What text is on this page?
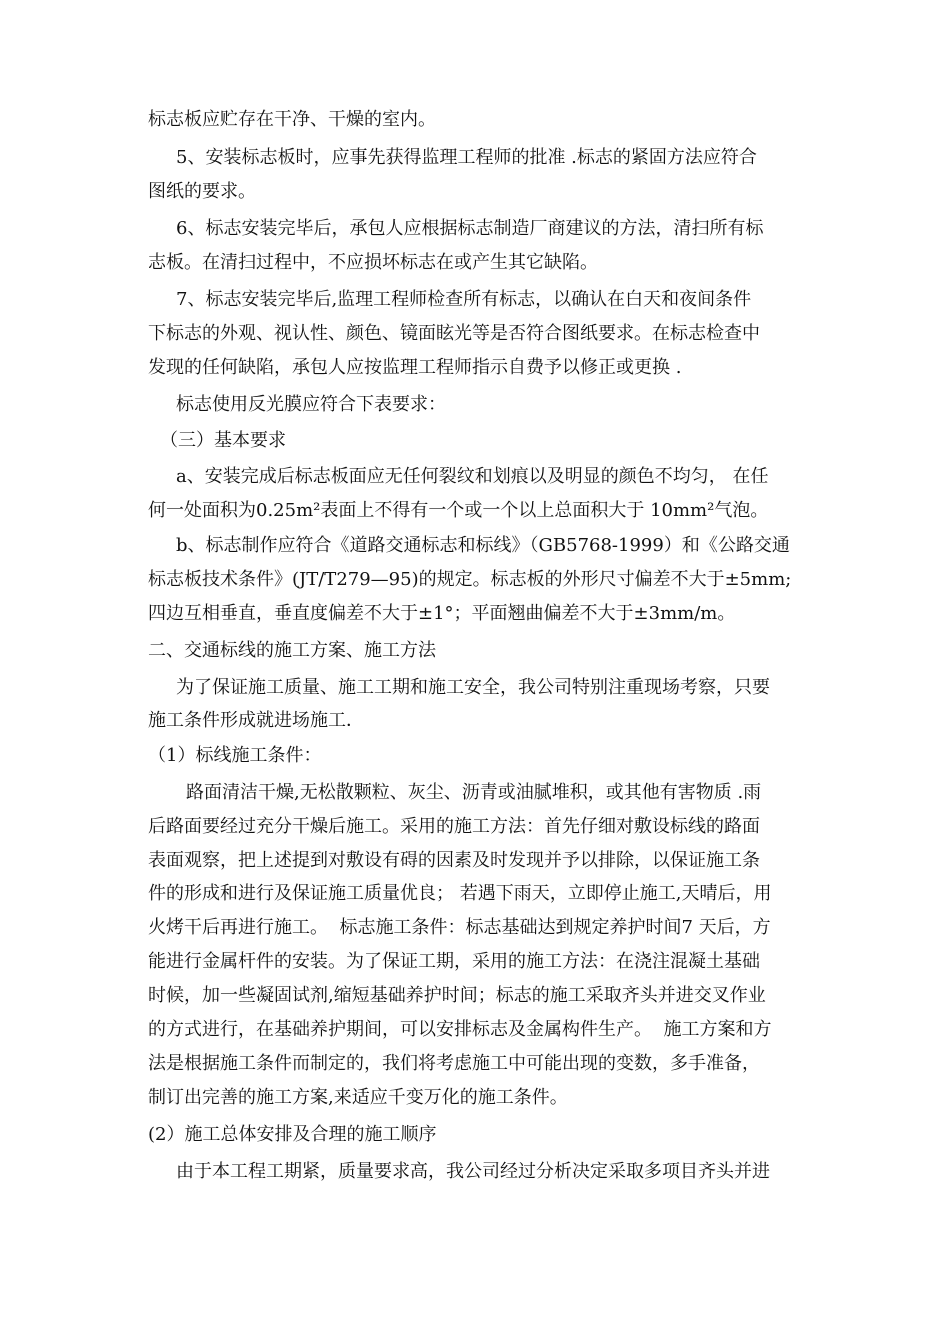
标志板应贮存在干净、干燥的室内。
5、安装标志板时，应事先获得监理工程师的批准 .标志的紧固方法应符合
图纸的要求。
6、标志安装完毕后，承包人应根据标志制造厂商建议的方法，清扫所有标
志板。在清扫过程中，不应损坏标志在或产生其它缺陷。
7、标志安装完毕后,监理工程师检查所有标志，以确认在白天和夜间条件
下标志的外观、视认性、颜色、镜面眩光等是否符合图纸要求。在标志检查中
发现的任何缺陷，承包人应按监理工程师指示自费予以修正或更换 .
标志使用反光膜应符合下表要求：
（三）基本要求
a、安装完成后标志板面应无任何裂纹和划痕以及明显的颜色不均匀， 在任
何一处面积为0.25m²表面上不得有一个或一个以上总面积大于 10mm²气泡。
b、标志制作应符合《道路交通标志和标线》（GB5768-1999）和《公路交通
标志板技术条件》(JT/T279—95)的规定。标志板的外形尺寸偏差不大于±5mm;
四边互相垂直，垂直度偏差不大于±1°；平面翘曲偏差不大于±3mm/m。
二、交通标线的施工方案、施工方法
为了保证施工质量、施工工期和施工安全，我公司特别注重现场考察，只要
施工条件形成就进场施工．
（1）标线施工条件：
路面清洁干燥,无松散颗粒、灰尘、沥青或油腻堆积，或其他有害物质 .雨
后路面要经过充分干燥后施工。采用的施工方法：首先仔细对敷设标线的路面
表面观察，把上述提到对敷设有碍的因素及时发现并予以排除，以保证施工条
件的形成和进行及保证施工质量优良； 若遇下雨天，立即停止施工,天晴后，用
火烤干后再进行施工。  标志施工条件：标志基础达到规定养护时间7 天后，方
能进行金属杆件的安装。为了保证工期，采用的施工方法：在浇注混凝土基础
时候，加一些凝固试剂,缩短基础养护时间；标志的施工采取齐头并进交叉作业
的方式进行，在基础养护期间，可以安排标志及金属构件生产。  施工方案和方
法是根据施工条件而制定的，我们将考虑施工中可能出现的变数，多手准备，
制订出完善的施工方案,来适应千变万化的施工条件。
(2）施工总体安排及合理的施工顺序
由于本工程工期紧，质量要求高，我公司经过分析决定采取多项目齐头并进
